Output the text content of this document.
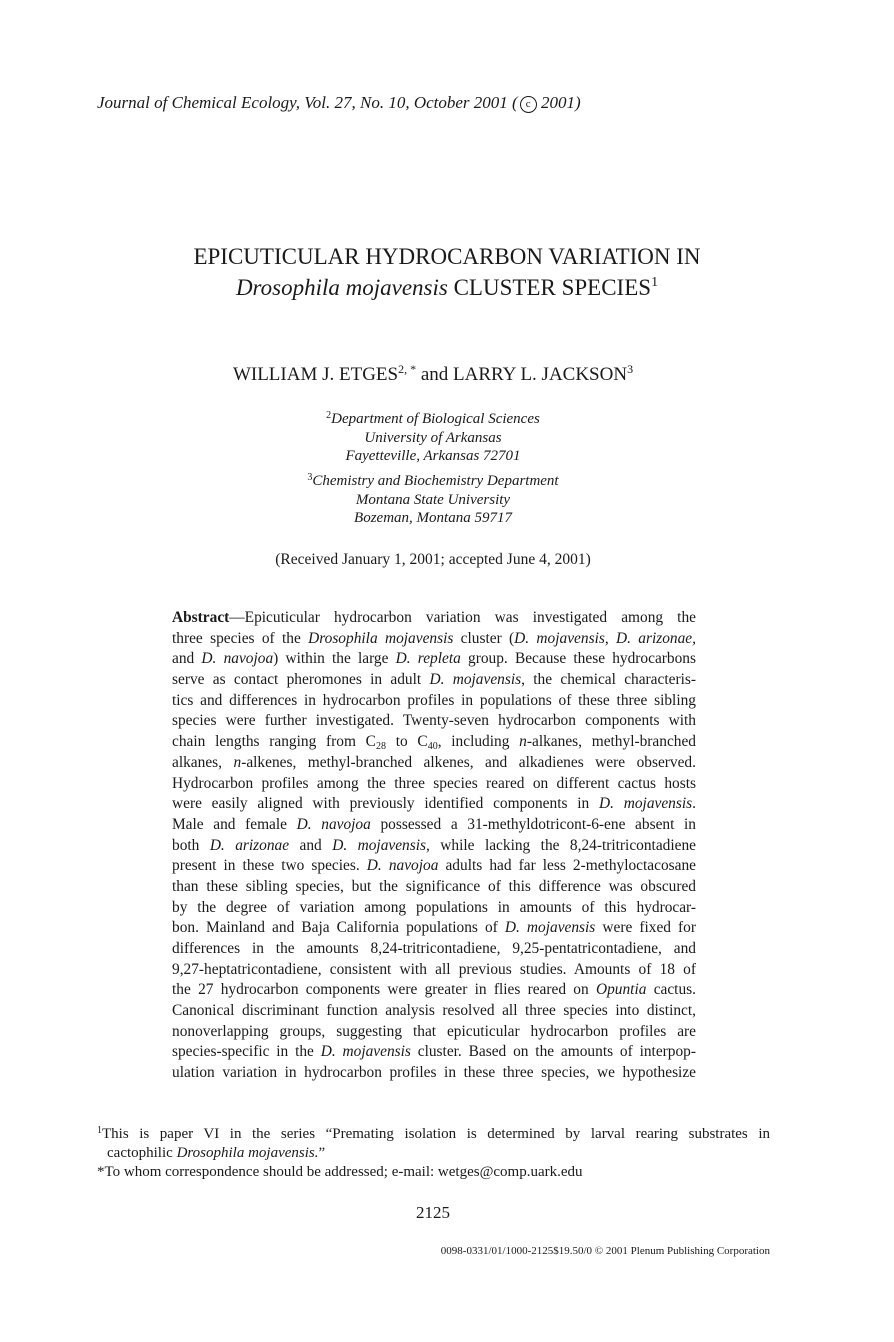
Journal of Chemical Ecology, Vol. 27, No. 10, October 2001 ( c 2001)
EPICUTICULAR HYDROCARBON VARIATION IN
Drosophila mojavensis CLUSTER SPECIES$^1$
WILLIAM J. $ETGES^{2, *}$ and LARRY L. JACKSON$^3$
$^2$Department of Biological Sciences
University of Arkansas
Fayetteville, Arkansas 72701
$^3$Chemistry and Biochemistry Department
Montana State University
Bozeman, Montana 59717
(Received January 1, 2001; accepted June 4, 2001)
Abstract—Epicuticular hydrocarbon variation was investigated among the
three species of the Drosophila mojavensis cluster (D. mojavensis, D. arizonae,
and D. navojoa) within the large D. repleta group. Because these hydrocarbons
serve as contact pheromones in adult D. mojavensis, the chemical characteris-
tics and differences in hydrocarbon profiles in populations of these three sibling
species were further investigated. Twenty-seven hydrocarbon components with
chain lengths ranging from $C_{28}$ to $C_{40}$, including n-alkanes, methyl-branched
alkanes, n-alkenes, methyl-branched alkenes, and alkadienes were observed.
Hydrocarbon profiles among the three species reared on different cactus hosts
were easily aligned with previously identified components in D. mojavensis.
Male and female D. navojoa possessed a 31-methyldotricont-6-ene absent in
both D. arizonae and D. mojavensis, while lacking the 8,24-tritricontadiene
present in these two species. D. navojoa adults had far less 2-methyloctacosane
than these sibling species, but the significance of this difference was obscured
by the degree of variation among populations in amounts of this hydrocar-
bon. Mainland and Baja California populations of D. mojavensis were fixed for
differences in the amounts 8,24-tritricontadiene, 9,25-pentatricontadiene, and
9,27-heptatricontadiene, consistent with all previous studies. Amounts of 18 of
the 27 hydrocarbon components were greater in flies reared on Opuntia cactus.
Canonical discriminant function analysis resolved all three species into distinct,
nonoverlapping groups, suggesting that epicuticular hydrocarbon profiles are
species-specific in the D. mojavensis cluster. Based on the amounts of interpop-
ulation variation in hydrocarbon profiles in these three species, we hypothesize
$^1$This is paper VI in the series “Premating isolation is determined by larval rearing substrates in
cactophilic Drosophila mojavensis.”
*To whom correspondence should be addressed; e-mail: wetges@comp.uark.edu
2125
0098-0331/01/1000-2125$19.50/0 © 2001 Plenum Publishing Corporation
